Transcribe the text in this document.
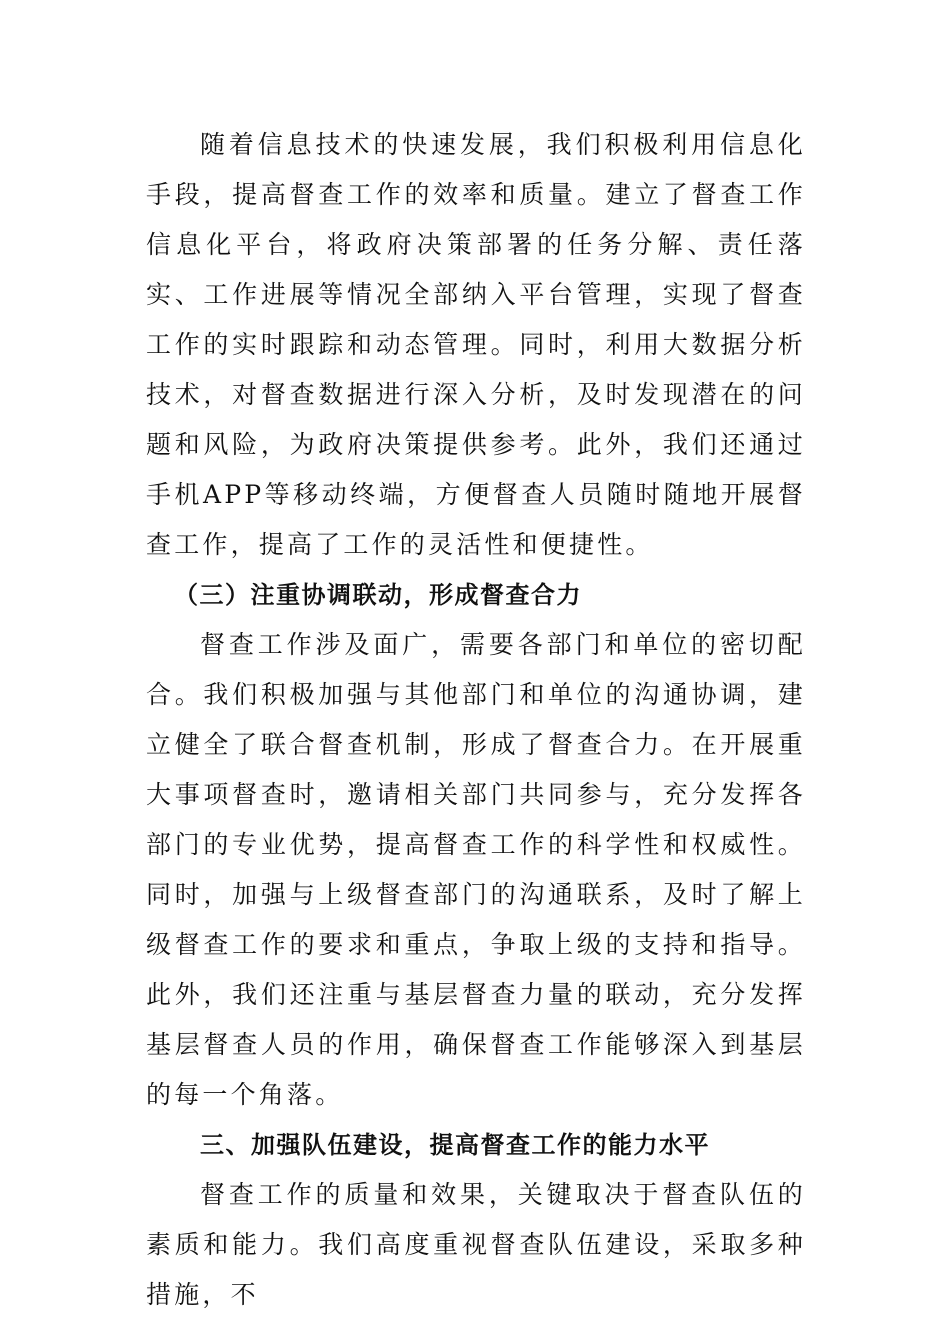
随着信息技术的快速发展，我们积极利用信息化手段，提高督查工作的效率和质量。建立了督查工作信息化平台，将政府决策部署的任务分解、责任落实、工作进展等情况全部纳入平台管理，实现了督查工作的实时跟踪和动态管理。同时，利用大数据分析技术，对督查数据进行深入分析，及时发现潜在的问题和风险，为政府决策提供参考。此外，我们还通过手机APP等移动终端，方便督查人员随时随地开展督查工作，提高了工作的灵活性和便捷性。

（三）注重协调联动，形成督查合力

督查工作涉及面广，需要各部门和单位的密切配合。我们积极加强与其他部门和单位的沟通协调，建立健全了联合督查机制，形成了督查合力。在开展重大事项督查时，邀请相关部门共同参与，充分发挥各部门的专业优势，提高督查工作的科学性和权威性。同时，加强与上级督查部门的沟通联系，及时了解上级督查工作的要求和重点，争取上级的支持和指导。此外，我们还注重与基层督查力量的联动，充分发挥基层督查人员的作用，确保督查工作能够深入到基层的每一个角落。

三、加强队伍建设，提高督查工作的能力水平

督查工作的质量和效果，关键取决于督查队伍的素质和能力。我们高度重视督查队伍建设，采取多种措施，不
